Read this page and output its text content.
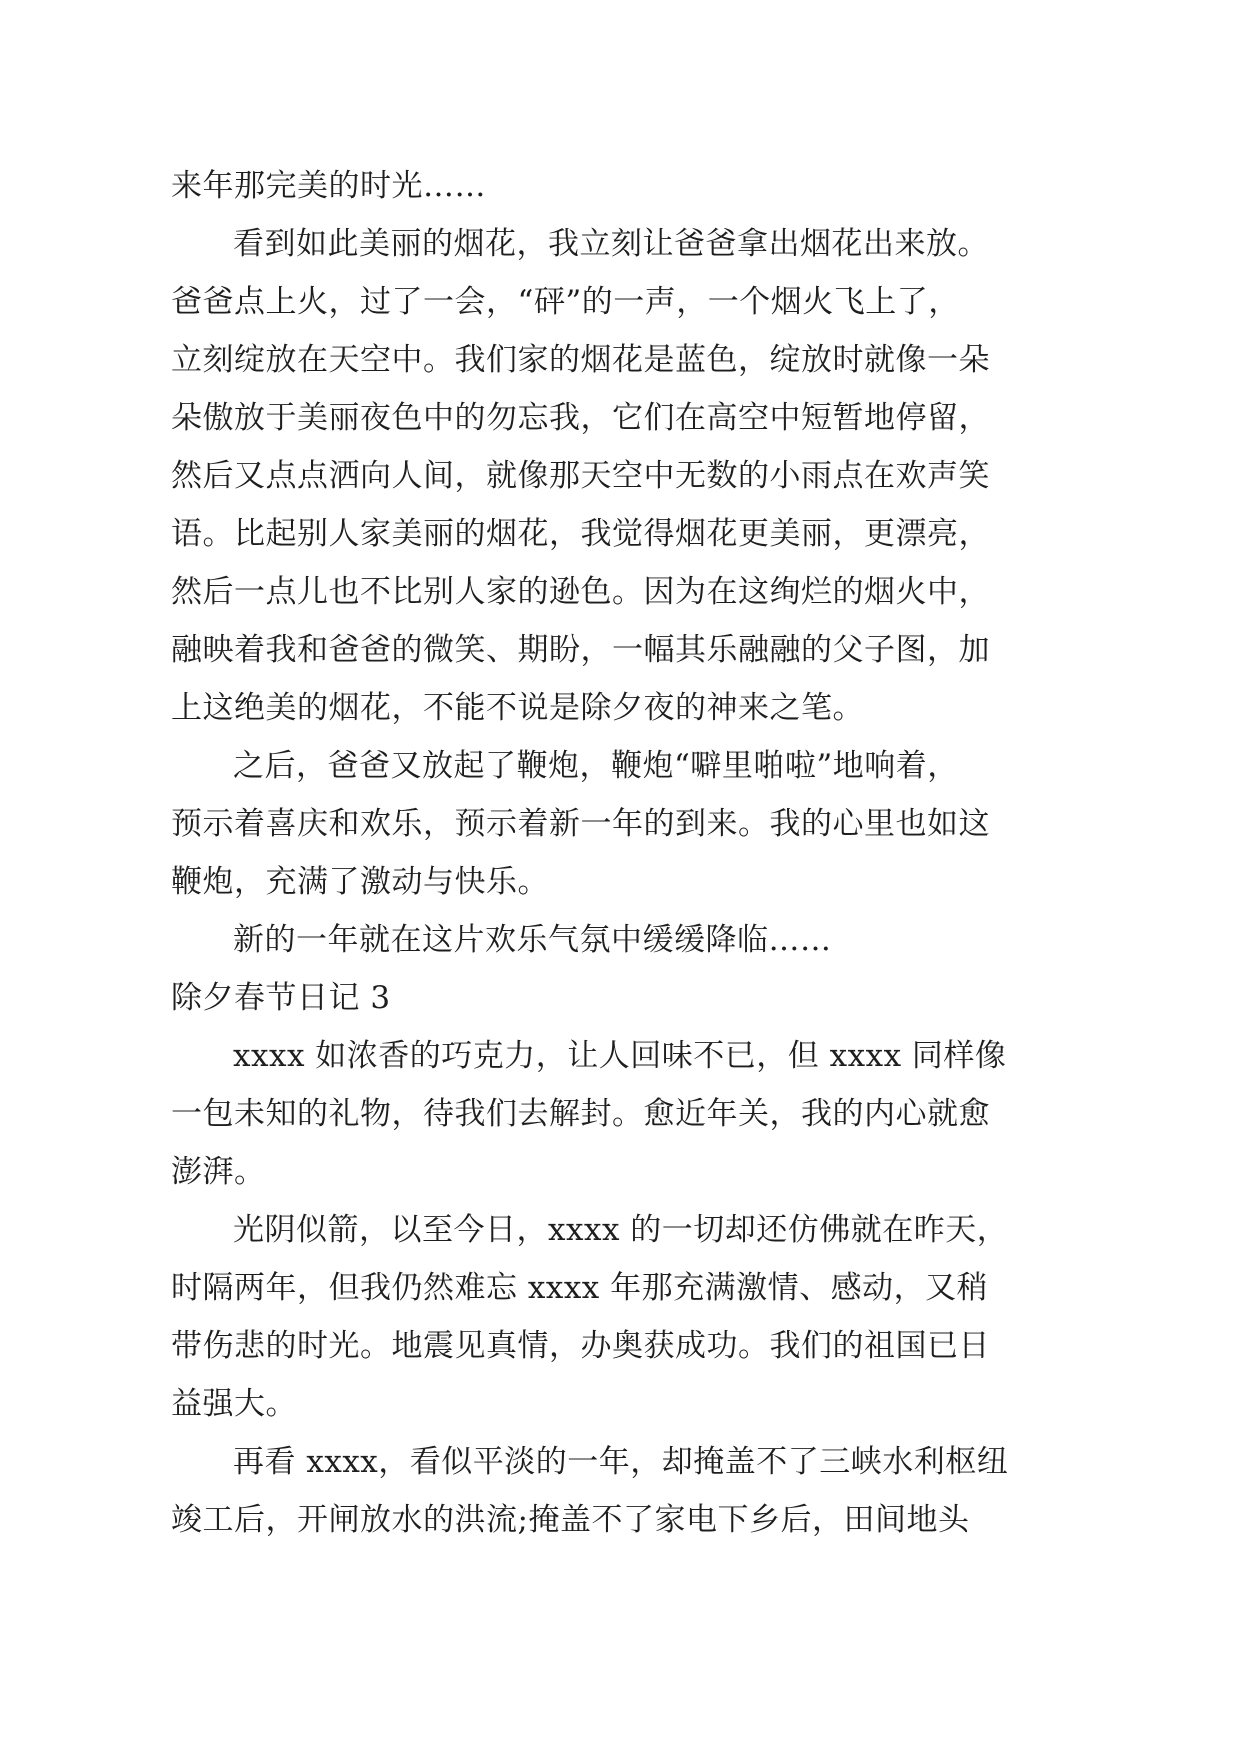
来年那完美的时光……
看到如此美丽的烟花，我立刻让爸爸拿出烟花出来放。
爸爸点上火，过了一会，“砰”的一声，一个烟火飞上了，
立刻绽放在天空中。我们家的烟花是蓝色，绽放时就像一朵
朵傲放于美丽夜色中的勿忘我，它们在高空中短暂地停留，
然后又点点洒向人间，就像那天空中无数的小雨点在欢声笑
语。比起别人家美丽的烟花，我觉得烟花更美丽，更漂亮，
然后一点儿也不比别人家的逊色。因为在这绚烂的烟火中，
融映着我和爸爸的微笑、期盼，一幅其乐融融的父子图，加
上这绝美的烟花，不能不说是除夕夜的神来之笔。
之后，爸爸又放起了鞭炮，鞭炮“噼里啪啦”地响着，
预示着喜庆和欢乐，预示着新一年的到来。我的心里也如这
鞭炮，充满了激动与快乐。
新的一年就在这片欢乐气氛中缓缓降临……
除夕春节日记 3
xxxx 如浓香的巧克力，让人回味不已，但 xxxx 同样像
一包未知的礼物，待我们去解封。愈近年关，我的内心就愈
澎湃。
光阴似箭，以至今日，xxxx 的一切却还仿佛就在昨天，
时隔两年，但我仍然难忘 xxxx 年那充满激情、感动，又稍
带伤悲的时光。地震见真情，办奥获成功。我们的祖国已日
益强大。
再看 xxxx，看似平淡的一年，却掩盖不了三峡水利枢纽
竣工后，开闸放水的洪流;掩盖不了家电下乡后，田间地头
